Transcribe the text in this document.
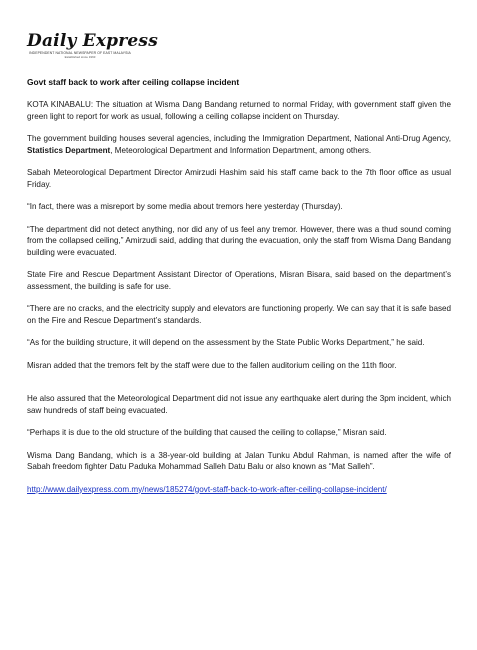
Daily Express
INDEPENDENT NATIONAL NEWSPAPER OF EAST MALAYSIA
Established since 1963

Govt staff back to work after ceiling collapse incident

KOTA KINABALU: The situation at Wisma Dang Bandang returned to normal Friday, with government staff given the green light to report for work as usual, following a ceiling collapse incident on Thursday.

The government building houses several agencies, including the Immigration Department, National Anti-Drug Agency, Statistics Department, Meteorological Department and Information Department, among others.

Sabah Meteorological Department Director Amirzudi Hashim said his staff came back to the 7th floor office as usual Friday.

“In fact, there was a misreport by some media about tremors here yesterday (Thursday).

“The department did not detect anything, nor did any of us feel any tremor. However, there was a thud sound coming from the collapsed ceiling,” Amirzudi said, adding that during the evacuation, only the staff from Wisma Dang Bandang building were evacuated.

State Fire and Rescue Department Assistant Director of Operations, Misran Bisara, said based on the department’s assessment, the building is safe for use.

“There are no cracks, and the electricity supply and elevators are functioning properly. We can say that it is safe based on the Fire and Rescue Department’s standards.

“As for the building structure, it will depend on the assessment by the State Public Works Department,” he said.

Misran added that the tremors felt by the staff were due to the fallen auditorium ceiling on the 11th floor.

He also assured that the Meteorological Department did not issue any earthquake alert during the 3pm incident, which saw hundreds of staff being evacuated.

“Perhaps it is due to the old structure of the building that caused the ceiling to collapse,” Misran said.

Wisma Dang Bandang, which is a 38-year-old building at Jalan Tunku Abdul Rahman, is named after the wife of Sabah freedom fighter Datu Paduka Mohammad Salleh Datu Balu or also known as “Mat Salleh”.

http://www.dailyexpress.com.my/news/185274/govt-staff-back-to-work-after-ceiling-collapse-incident/
